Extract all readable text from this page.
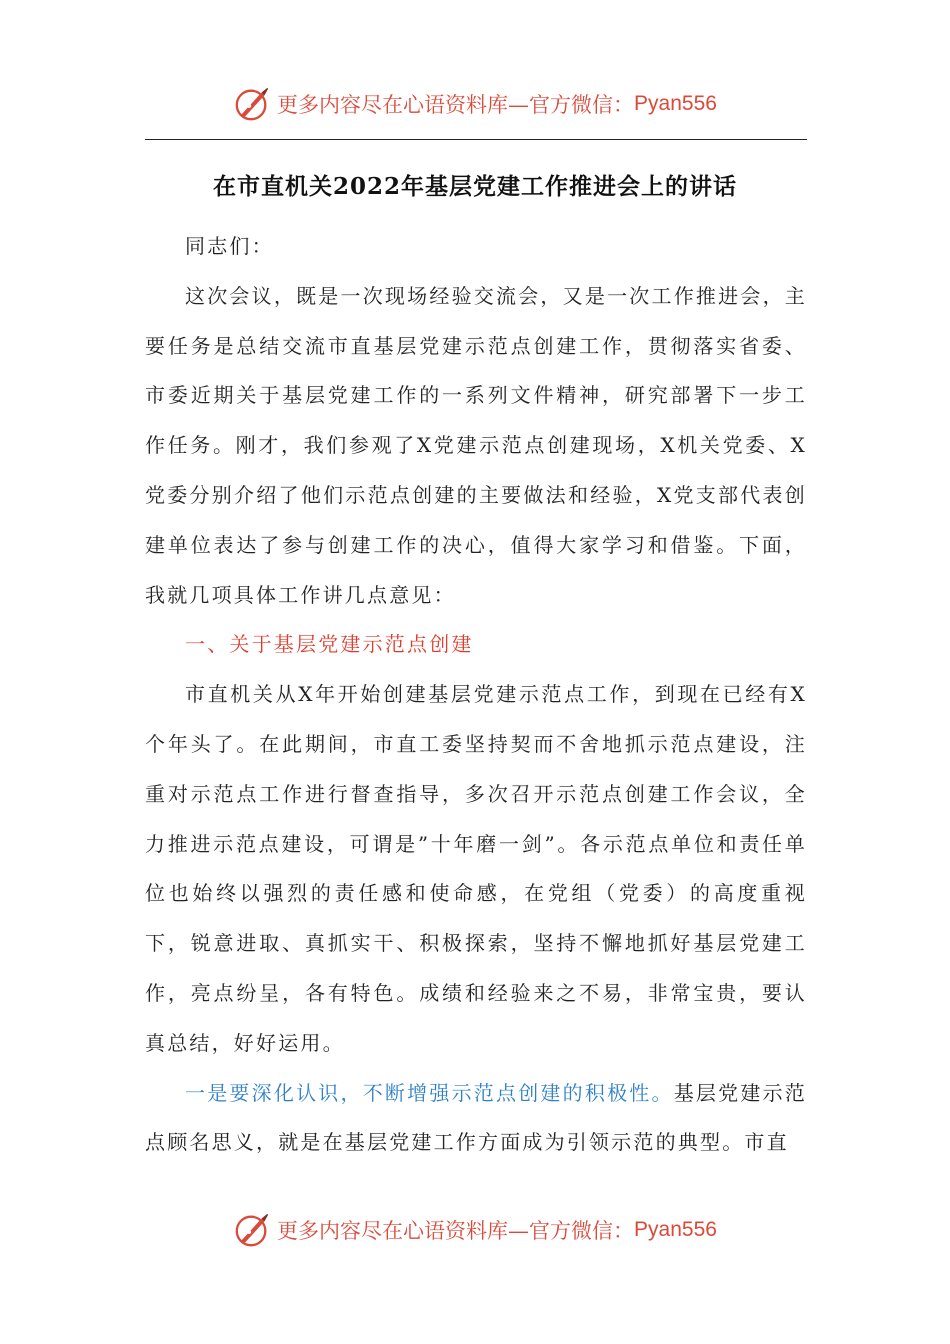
更多内容尽在心语资料库—官方微信： Pyan556
在市直机关2022年基层党建工作推进会上的讲话

同志们：

这次会议，既是一次现场经验交流会，又是一次工作推进会，主要任务是总结交流市直基层党建示范点创建工作，贯彻落实省委、市委近期关于基层党建工作的一系列文件精神，研究部署下一步工作任务。刚才，我们参观了X党建示范点创建现场，X机关党委、X党委分别介绍了他们示范点创建的主要做法和经验，X党支部代表创建单位表达了参与创建工作的决心，值得大家学习和借鉴。下面，我就几项具体工作讲几点意见：

一、关于基层党建示范点创建

市直机关从X年开始创建基层党建示范点工作，到现在已经有X个年头了。在此期间，市直工委坚持契而不舍地抓示范点建设，注重对示范点工作进行督查指导，多次召开示范点创建工作会议，全力推进示范点建设，可谓是”十年磨一剑”。各示范点单位和责任单位也始终以强烈的责任感和使命感，在党组（党委）的高度重视下，锐意进取、真抓实干、积极探索，坚持不懈地抓好基层党建工作，亮点纷呈，各有特色。成绩和经验来之不易，非常宝贵，要认真总结，好好运用。

一是要深化认识，不断增强示范点创建的积极性。基层党建示范点顾名思义，就是在基层党建工作方面成为引领示范的典型。市直

更多内容尽在心语资料库—官方微信： Pyan556
